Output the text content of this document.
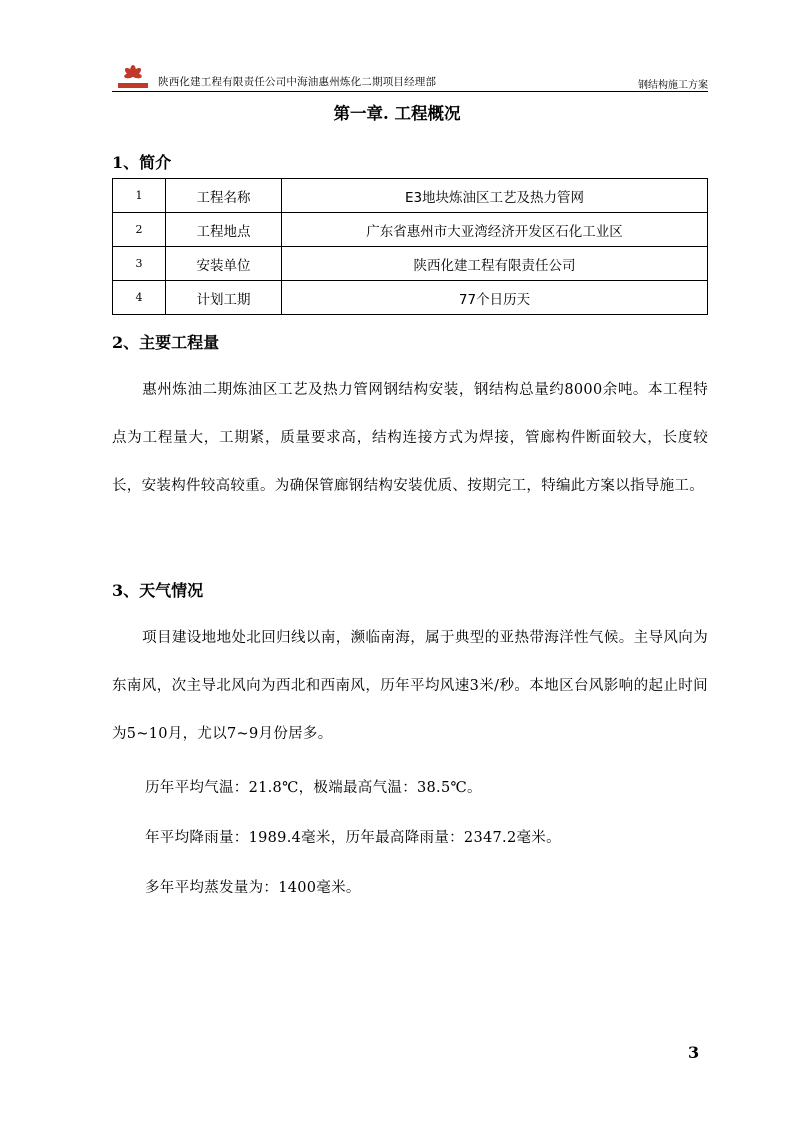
陕西化建工程有限责任公司中海油惠州炼化二期项目经理部	钢结构施工方案
第一章. 工程概况
1、简介
1	工程名称	E3地块炼油区工艺及热力管网
2	工程地点	广东省惠州市大亚湾经济开发区石化工业区
3	安装单位	陕西化建工程有限责任公司
4	计划工期	77个日历天
2、主要工程量
惠州炼油二期炼油区工艺及热力管网钢结构安装，钢结构总量约8000余吨。本工程特点为工程量大，工期紧，质量要求高，结构连接方式为焊接，管廊构件断面较大，长度较长，安装构件较高较重。为确保管廊钢结构安装优质、按期完工，特编此方案以指导施工。
3、天气情况
项目建设地地处北回归线以南，濒临南海，属于典型的亚热带海洋性气候。主导风向为东南风，次主导北风向为西北和西南风，历年平均风速3米/秒。本地区台风影响的起止时间为5~10月，尤以7~9月份居多。
历年平均气温：21.8℃，极端最高气温：38.5℃。
年平均降雨量：1989.4毫米，历年最高降雨量：2347.2毫米。
多年平均蒸发量为：1400毫米。
3
